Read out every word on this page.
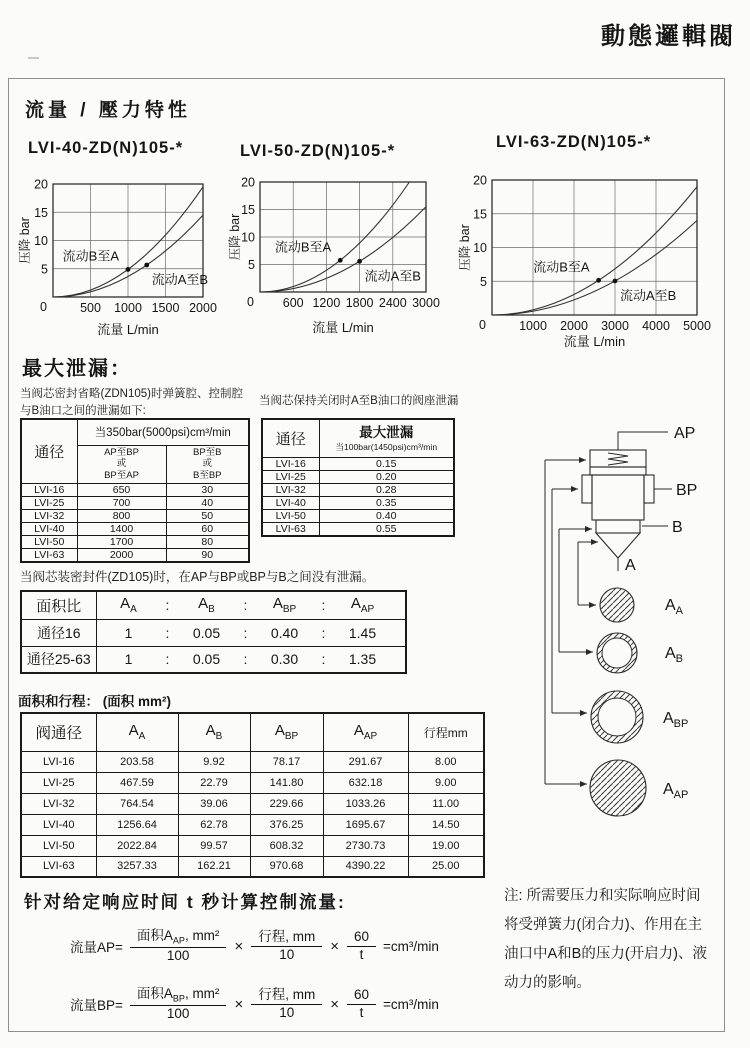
動態邏輯閥
流量 / 壓力特性
LVI-40-ZD(N)105-*	LVI-50-ZD(N)105-*	LVI-63-ZD(N)105-*
流动B至A
流动A至B
5
10
15
20
0	500 1000 1500 2000
压降 bar
流量 L/min
流动B至A
流动A至B
5
10
15
20
0 600 1200 1800 2400 3000
压降 bar
流量 L/min
流动B至A
流动A至B
5
10
15
20
0	1000 2000 3000 4000 5000
压降 bar
流量 L/min
最大泄漏：
当阀芯密封省略(ZDN105)时弹簧腔、控制腔
与B油口之间的泄漏如下:
当阀芯保持关闭时A至B油口的阀座泄漏
通径	当350bar(5000psi)cm³/min	

AP至BP
或
BP至AP

BP至B
或
B至BP

LVI-16	650	30
LVI-25	700	40
LVI-32	800	50
LVI-40	1400	60
LVI-50	1700	80
LVI-63	2000	90
通径	最大泄漏
当100bar(1450psi)cm³/min

LVI-16	0.15
LVI-25	0.20
LVI-32	0.28
LVI-40	0.35
LVI-50	0.40
LVI-63	0.55
当阀芯装密封件(ZD105)时，在AP与BP或BP与B之间没有泄漏。
面积比	$A_A$ : $A_B$ : $A_{BP}$ : $A_{AP}$

通径16	1 : 0.05 : 0.40 : 1.45

通径25-63	1 : 0.05 : 0.30 : 1.35
面积和行程： (面积 mm²)
阀通径	$A_A$	$A_B$	$A_{BP}$	$A_{AP}$	行程mm
LVI-16	203.58	9.92	78.17	291.67	8.00
LVI-25	467.59	22.79	141.80	632.18	9.00
LVI-32	764.54	39.06	229.66	1033.26	11.00
LVI-40	1256.64	62.78	376.25	1695.67	14.50
LVI-50	2022.84	99.57	608.32	2730.73	19.00
LVI-63	3257.33	162.21	970.68	4390.22	25.00
针对给定响应时间 t 秒计算控制流量:
流量$AP= \frac{面积A_{AP}, mm^2}{100} \times \frac{\text{行程, mm}}{10} \times \frac{60}{t} =cm^3/\min$
流量$BP= \frac{面积A_{BP}, mm^2}{100} \times \frac{\text{行程, mm}}{10} \times \frac{60}{t} =cm^3/\min$
AP
BP
B
A
$A_A$
$A_B$
$A_{BP}$
$A_{AP}$
注: 所需要压力和实际响应时间
将受弹簧力(闭合力)、作用在主
油口中A和B的压力(开启力)、液
动力的影响。
